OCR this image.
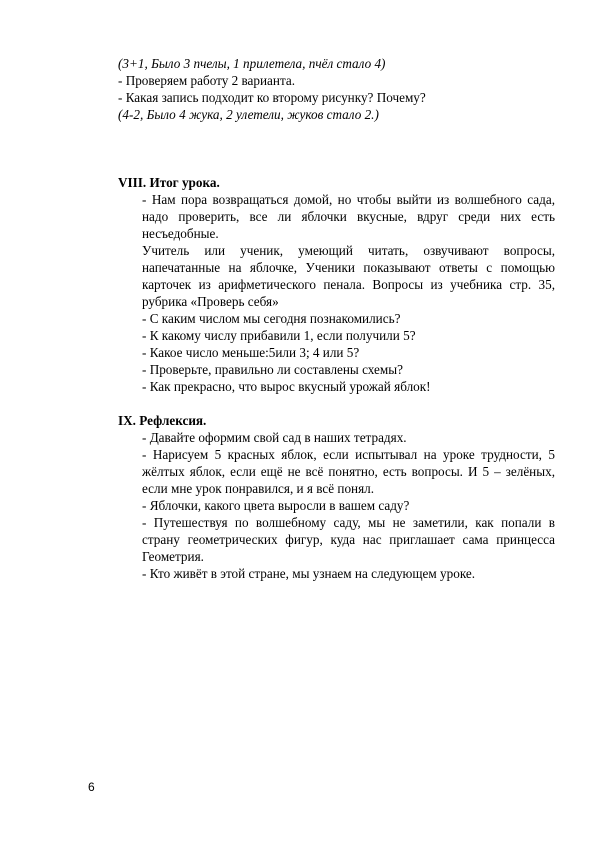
(3+1, Было 3 пчелы, 1 прилетела, пчёл стало 4)

- Проверяем работу 2 варианта.

- Какая запись подходит ко второму рисунку? Почему?

(4-2, Было 4 жука, 2 улетели, жуков стало 2.)

VIII. Итог урока.

- Нам пора возвращаться домой, но чтобы выйти из волшебного сада, надо проверить, все ли яблочки вкусные, вдруг среди них есть несъедобные.

Учитель или ученик, умеющий читать, озвучивают вопросы, напечатанные на яблочке, Ученики показывают ответы с помощью карточек из арифметического пенала. Вопросы из учебника стр. 35, рубрика «Проверь себя»

- С каким числом мы сегодня познакомились?

- К какому числу прибавили 1, если получили 5?

- Какое число меньше:5или 3; 4 или 5?

- Проверьте, правильно ли составлены схемы?

- Как прекрасно, что вырос вкусный урожай яблок!

IX. Рефлексия.

- Давайте оформим свой сад в наших тетрадях.

- Нарисуем 5 красных яблок, если испытывал на уроке трудности, 5 жёлтых яблок, если ещё не всё понятно, есть вопросы. И 5 – зелёных, если мне урок понравился, и я всё понял.

- Яблочки, какого цвета выросли в вашем саду?

- Путешествуя по волшебному саду, мы не заметили, как попали в страну геометрических фигур, куда нас приглашает сама принцесса Геометрия.

- Кто живёт в этой стране, мы узнаем на следующем уроке.

6
